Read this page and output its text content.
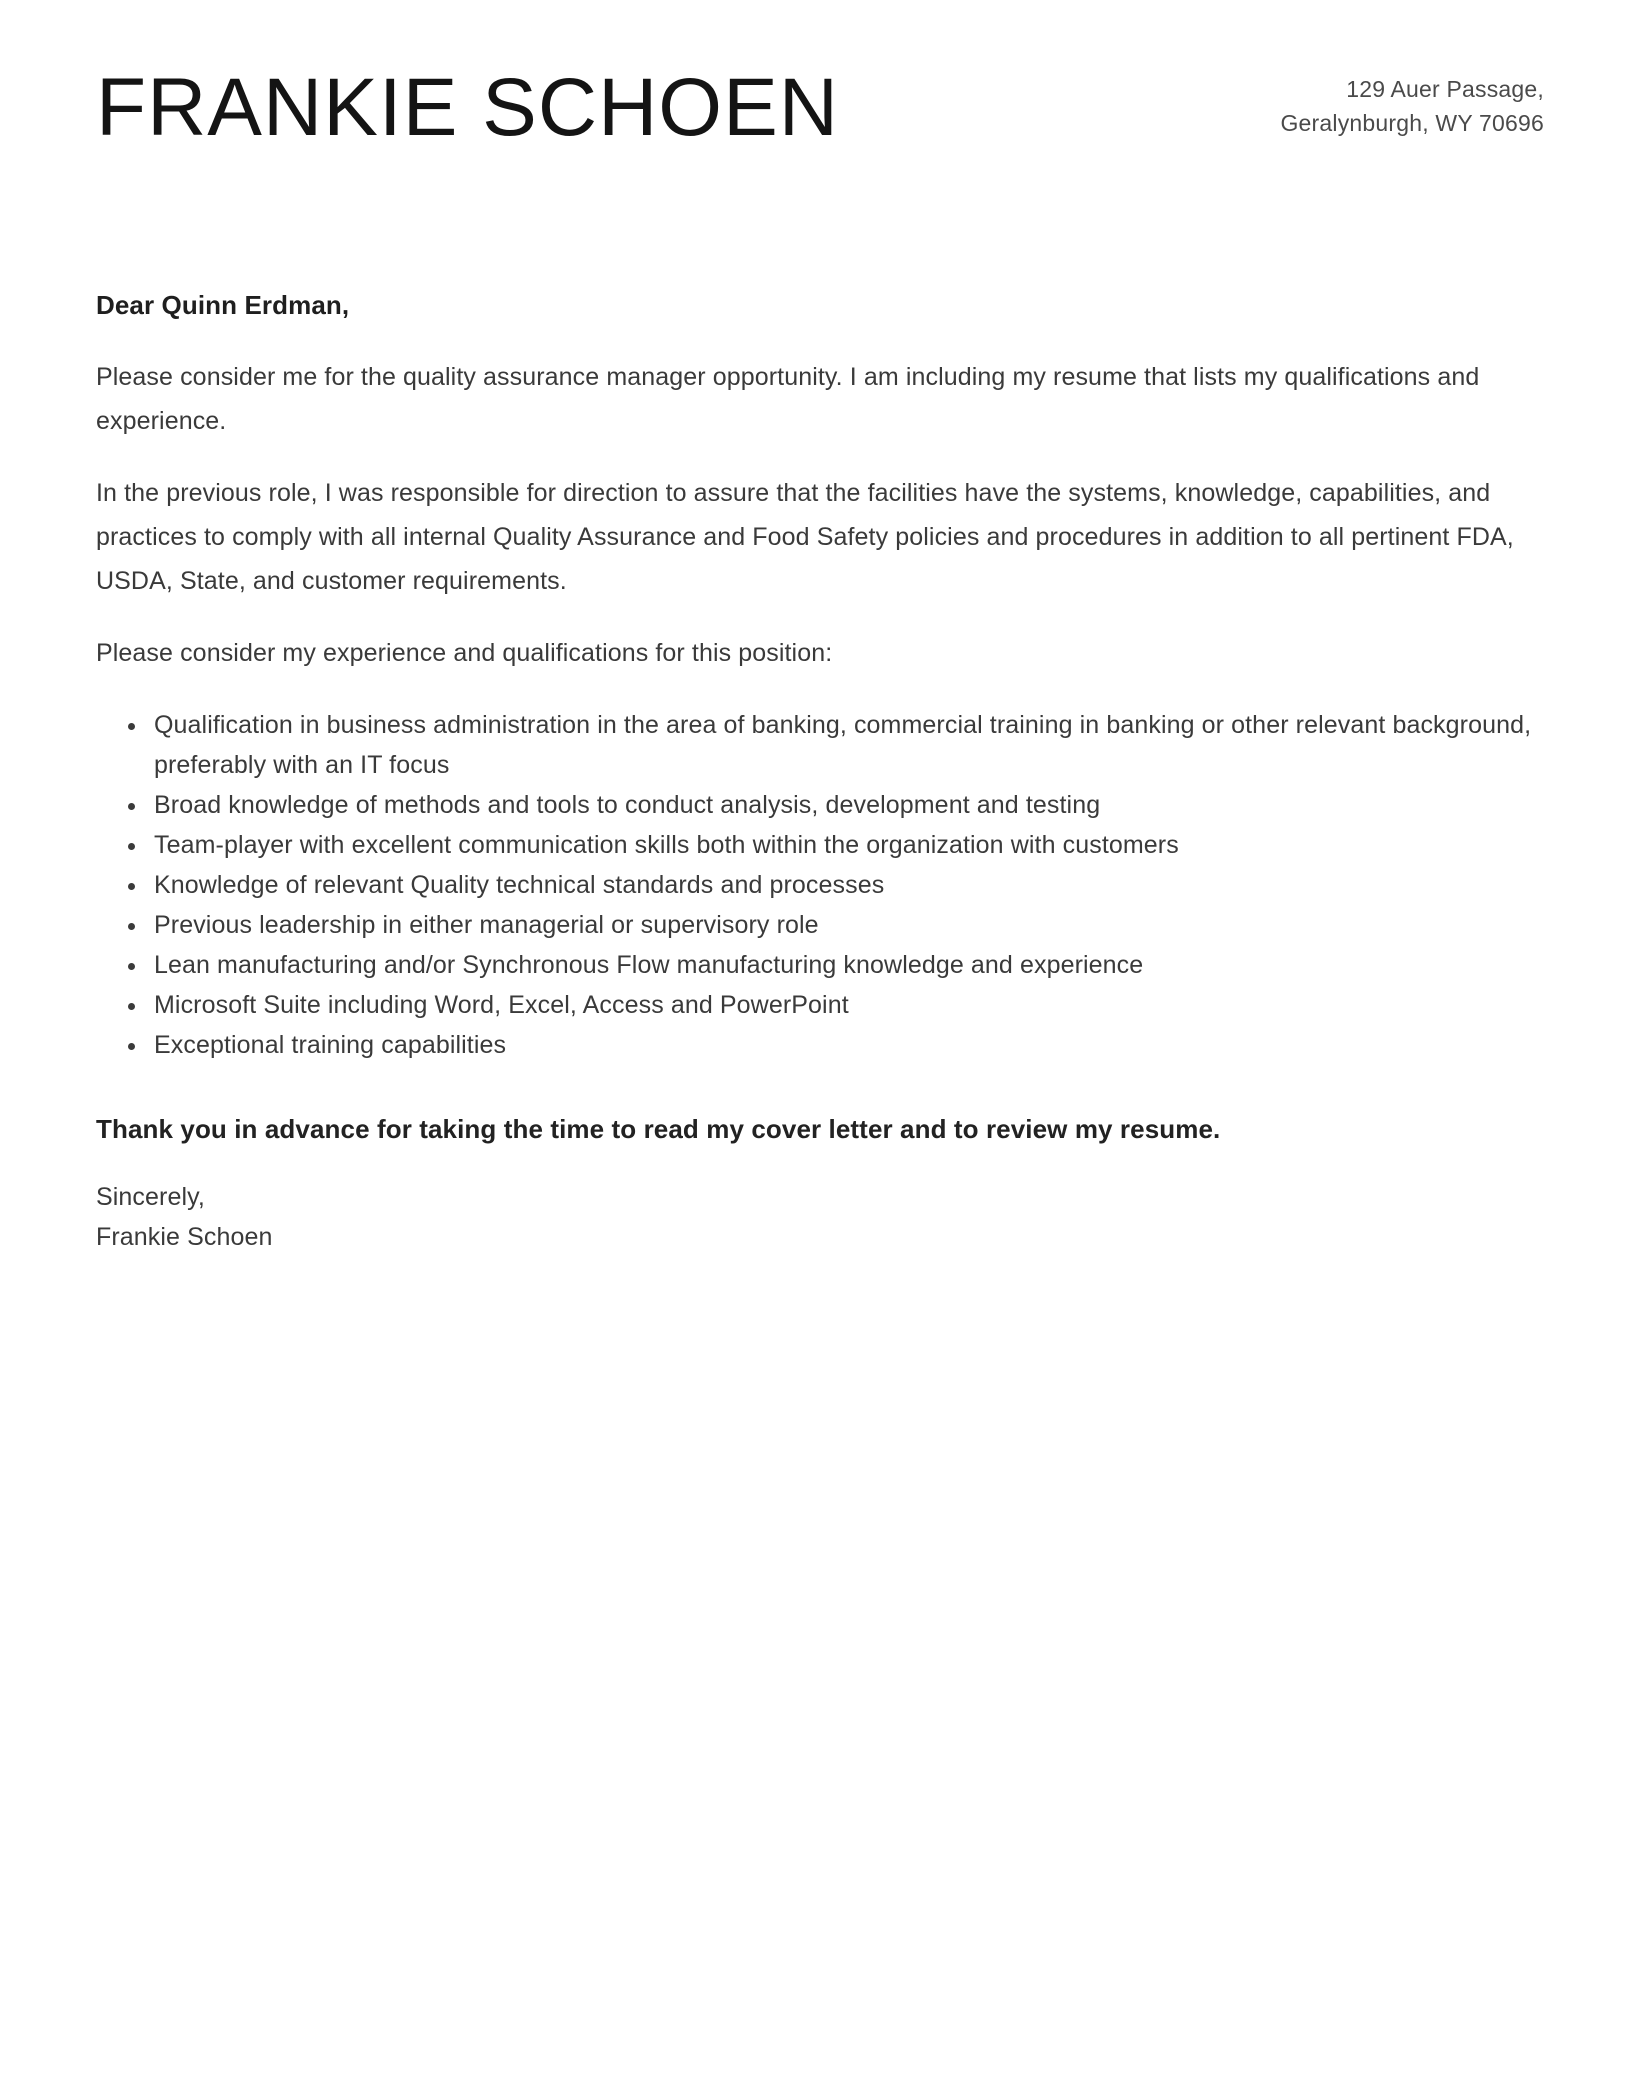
FRANKIE SCHOEN	129 Auer Passage,
Geralynburgh, WY 70696

Dear Quinn Erdman,

Please consider me for the quality assurance manager opportunity. I am including my resume that lists my qualifications and experience.

In the previous role, I was responsible for direction to assure that the facilities have the systems, knowledge, capabilities, and practices to comply with all internal Quality Assurance and Food Safety policies and procedures in addition to all pertinent FDA, USDA, State, and customer requirements.

Please consider my experience and qualifications for this position:

• Qualification in business administration in the area of banking, commercial training in banking or other relevant background, preferably with an IT focus
• Broad knowledge of methods and tools to conduct analysis, development and testing
• Team-player with excellent communication skills both within the organization with customers
• Knowledge of relevant Quality technical standards and processes
• Previous leadership in either managerial or supervisory role
• Lean manufacturing and/or Synchronous Flow manufacturing knowledge and experience
• Microsoft Suite including Word, Excel, Access and PowerPoint
• Exceptional training capabilities

Thank you in advance for taking the time to read my cover letter and to review my resume.

Sincerely,
Frankie Schoen
